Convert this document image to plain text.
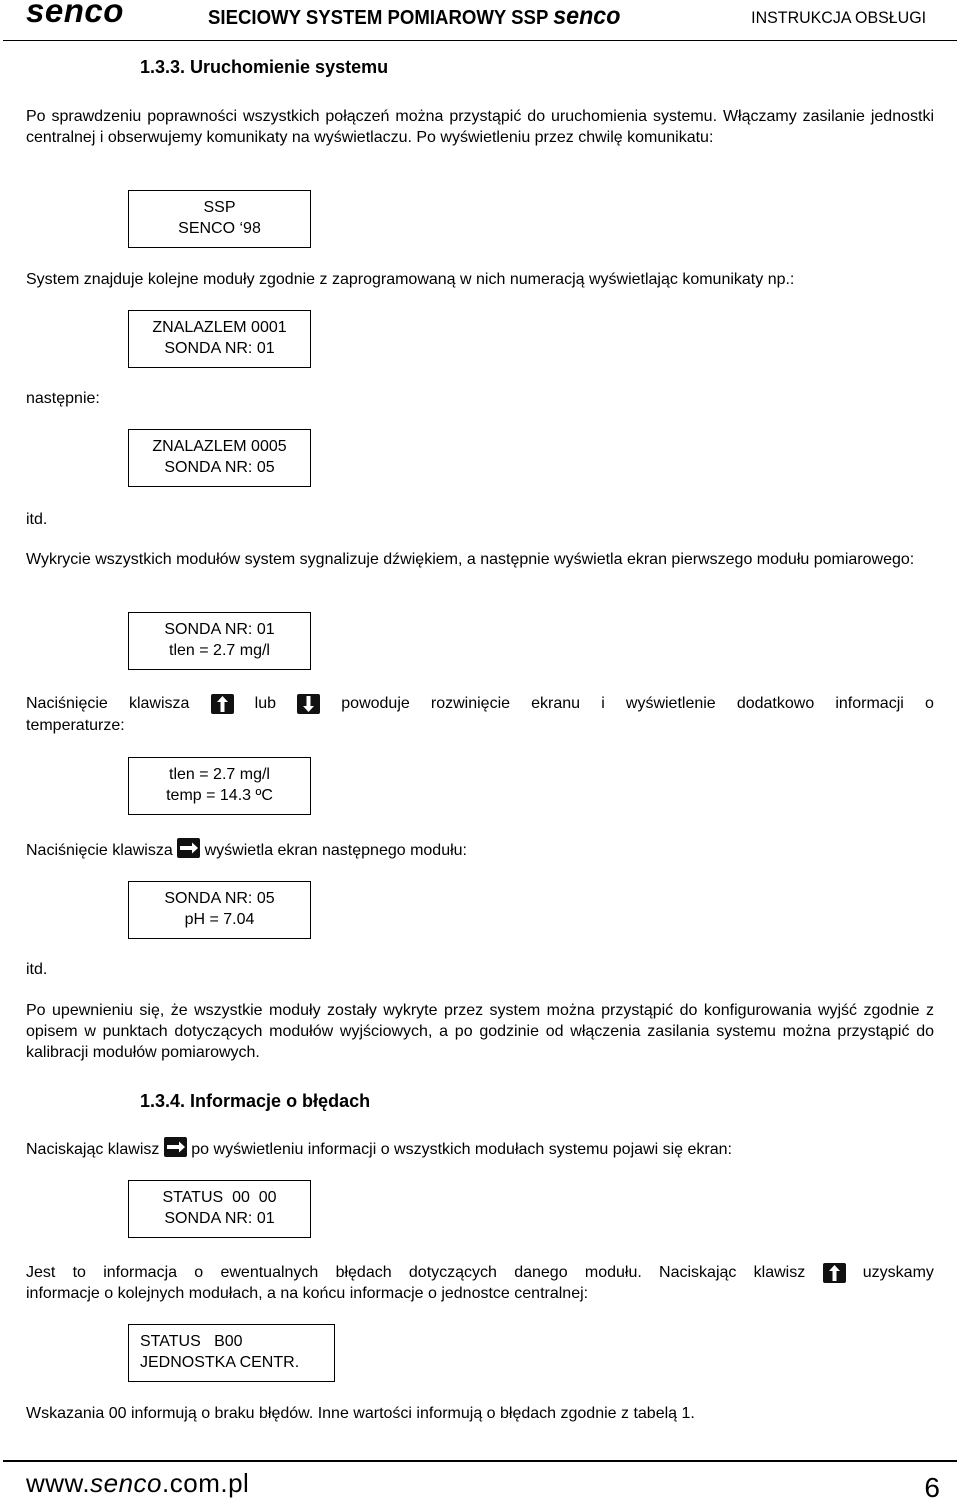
senco	SIECIOWY SYSTEM POMIAROWY SSP senco	INSTRUKCJA OBSŁUGI
1.3.3. Uruchomienie systemu
Po sprawdzeniu poprawności wszystkich połączeń można przystąpić do uruchomienia systemu. Włączamy zasilanie jednostki centralnej i obserwujemy komunikaty na wyświetlaczu. Po wyświetleniu przez chwilę komunikatu:
SSP
SENCO ‘98
System znajduje kolejne moduły zgodnie z zaprogramowaną w nich numeracją wyświetlając komunikaty np.:
ZNALAZLEM 0001
SONDA NR: 01
następnie:
ZNALAZLEM 0005
SONDA NR: 05
itd.
Wykrycie wszystkich modułów system sygnalizuje dźwiękiem, a następnie wyświetla ekran pierwszego modułu pomiarowego:
SONDA NR: 01
tlen = 2.7 mg/l
Naciśnięcie klawisza	lub	powoduje rozwinięcie ekranu i wyświetlenie dodatkowo informacji o
temperaturze:
tlen = 2.7 mg/l
temp = 14.3 ºC
Naciśnięcie klawisza wyświetla ekran następnego modułu:
SONDA NR: 05
pH = 7.04
itd.
Po upewnieniu się, że wszystkie moduły zostały wykryte przez system można przystąpić do konfigurowania wyjść zgodnie z opisem w punktach dotyczących modułów wyjściowych, a po godzinie od włączenia zasilania systemu można przystąpić do kalibracji modułów pomiarowych.
1.3.4. Informacje o błędach
Naciskając klawisz po wyświetleniu informacji o wszystkich modułach systemu pojawi się ekran:
STATUS  00  00
SONDA NR: 01
Jest to informacja o ewentualnych błędach dotyczących danego modułu. Naciskając klawisz	uzyskamy
informacje o kolejnych modułach, a na końcu informacje o jednostce centralnej:
STATUS   B00
JEDNOSTKA CENTR.
Wskazania 00 informują o braku błędów. Inne wartości informują o błędach zgodnie z tabelą 1.
www.senco.com.pl	6
